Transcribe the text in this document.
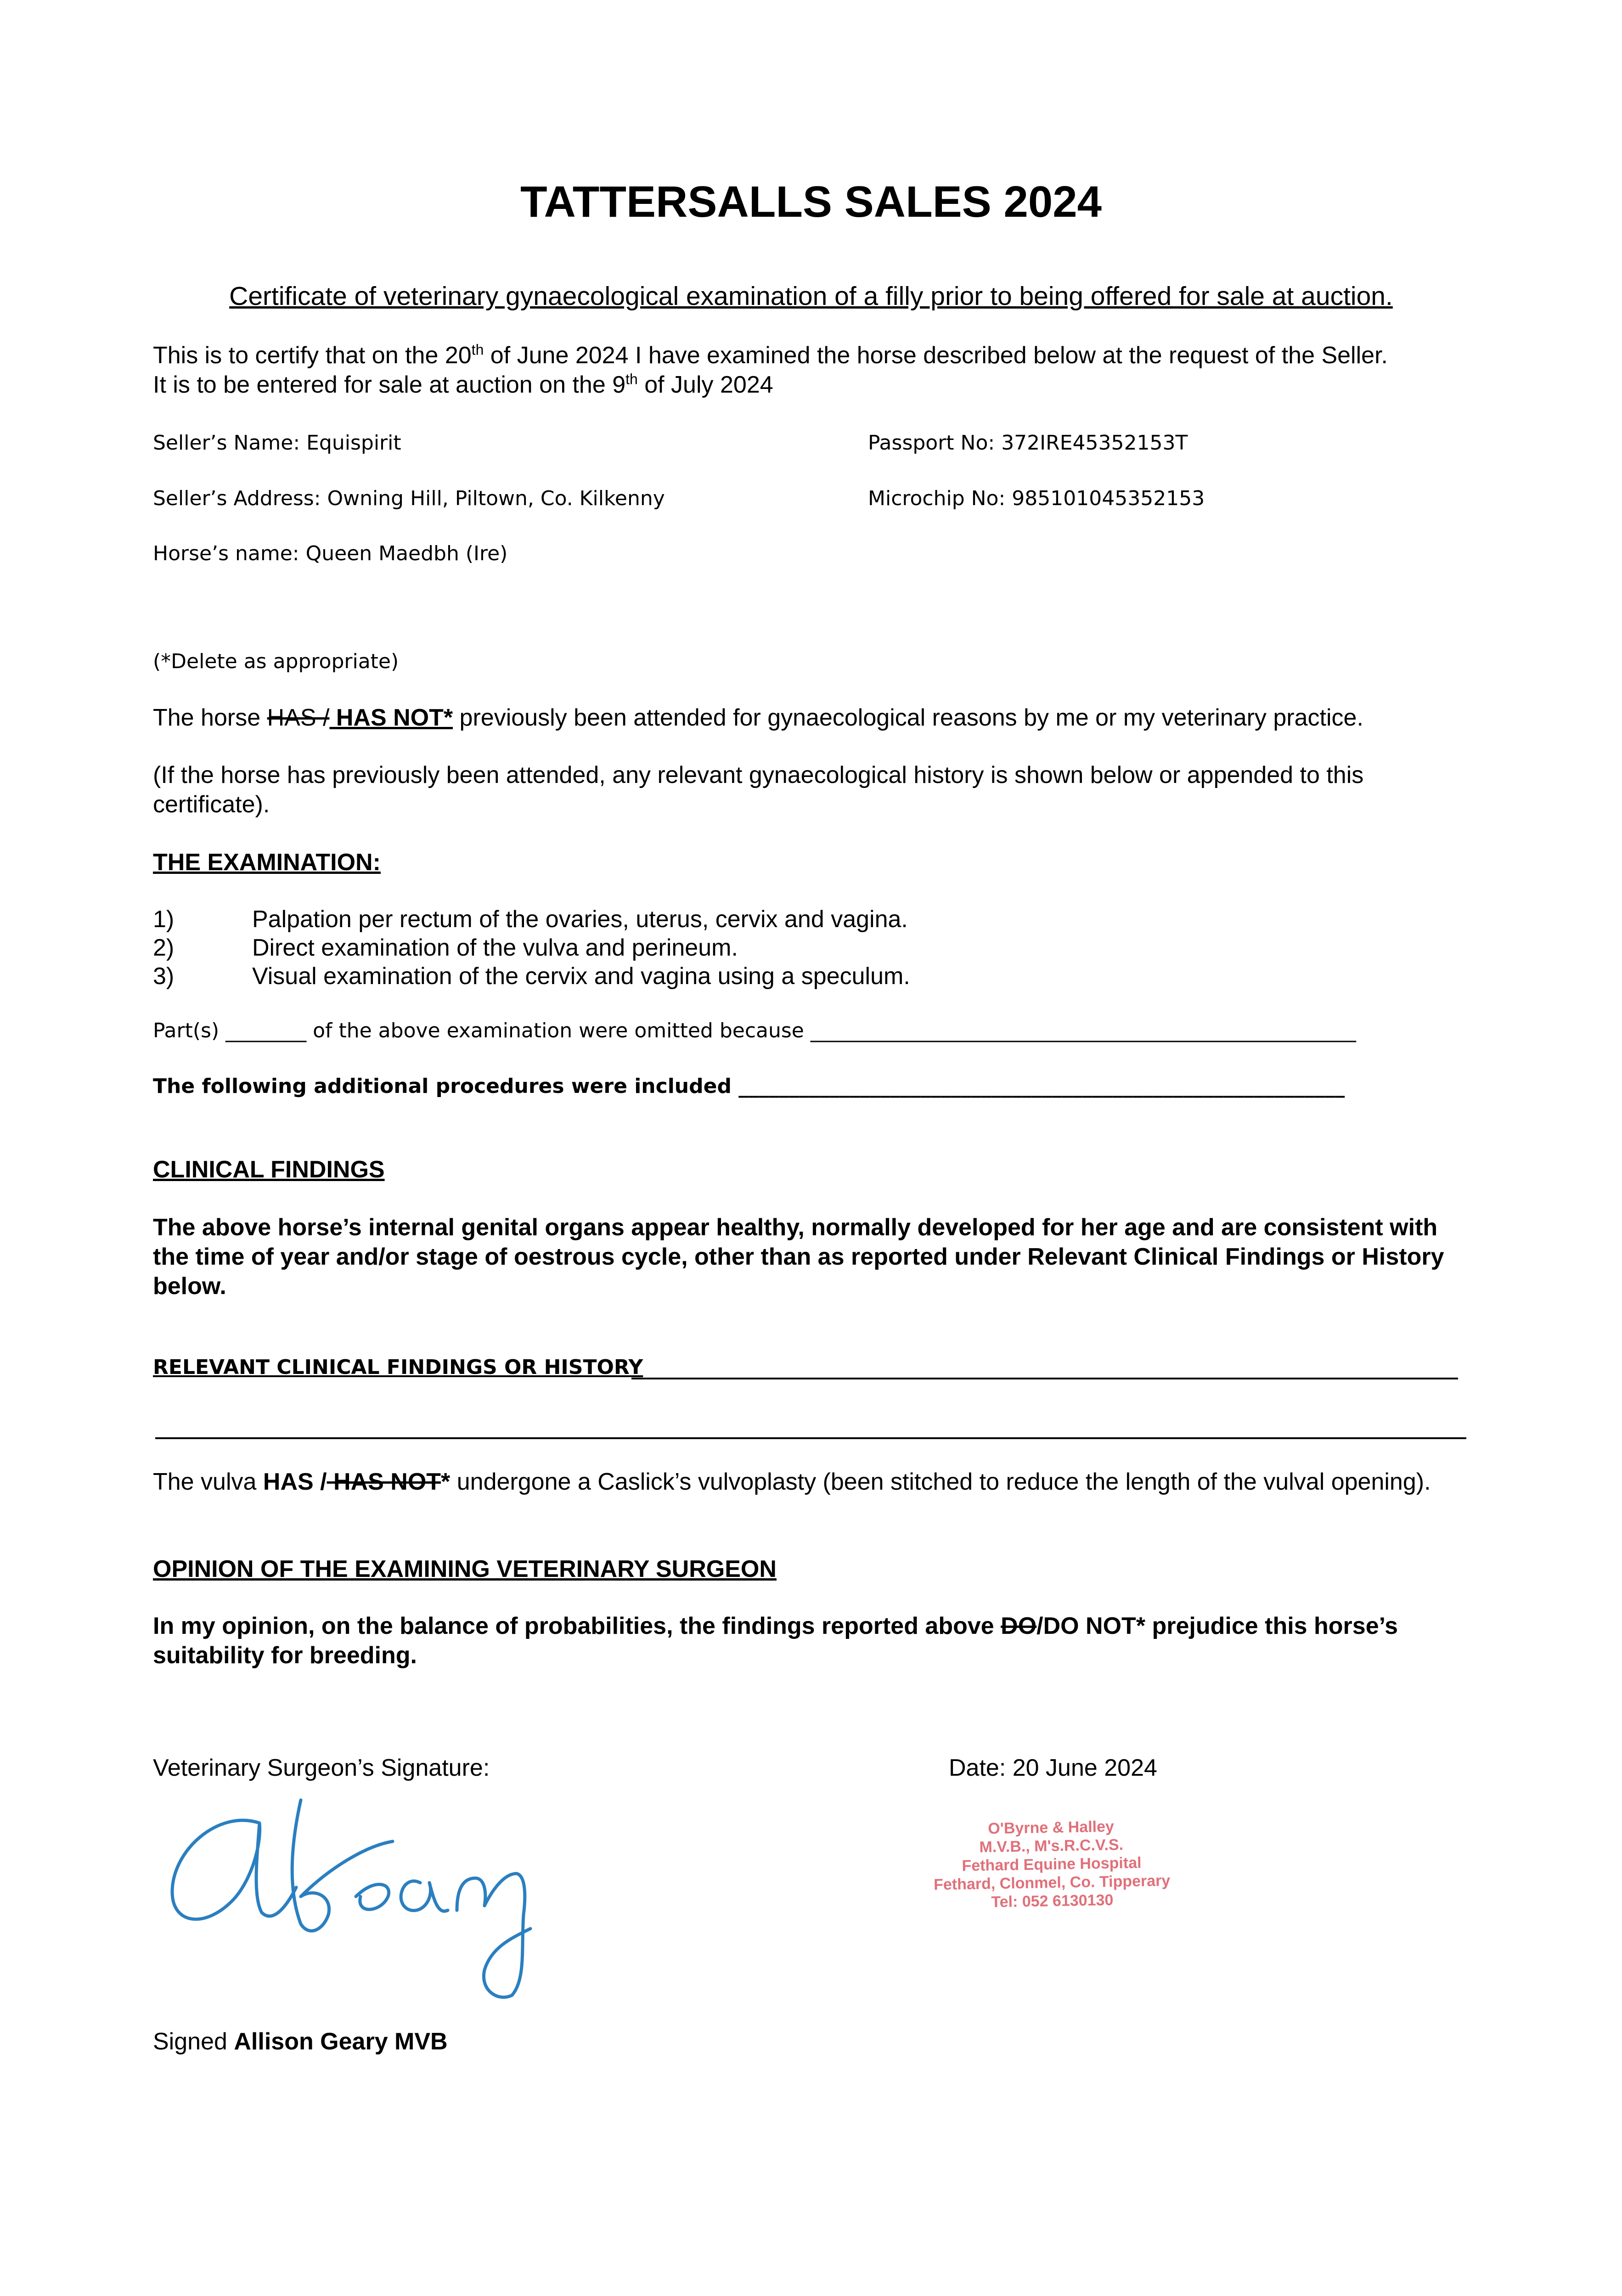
TATTERSALLS SALES 2024
Certificate of veterinary gynaecological examination of a filly prior to being offered for sale at auction.
This is to certify that on the 20th of June 2024 I have examined the horse described below at the request of the Seller.
It is to be entered for sale at auction on the 9th of July 2024
Seller’s Name: Equispirit	Passport No: 372IRE45352153T
Seller’s Address: Owning Hill, Piltown, Co. Kilkenny	Microchip No: 985101045352153
Horse’s name: Queen Maedbh (Ire)
(*Delete as appropriate)
The horse HAS / HAS NOT* previously been attended for gynaecological reasons by me or my veterinary practice.
(If the horse has previously been attended, any relevant gynaecological history is shown below or appended to this certificate).
THE EXAMINATION:
1)	Palpation per rectum of the ovaries, uterus, cervix and vagina.
2)	Direct examination of the vulva and perineum.
3)	Visual examination of the cervix and vagina using a speculum.
Part(s) ________ of the above examination were omitted because ______________________________________________________
The following additional procedures were included ____________________________________________________________
CLINICAL FINDINGS
The above horse’s internal genital organs appear healthy, normally developed for her age and are consistent with the time of year and/or stage of oestrous cycle, other than as reported under Relevant Clinical Findings or History below.
RELEVANT CLINICAL FINDINGS OR HISTORY
The vulva HAS / HAS NOT* undergone a Caslick’s vulvoplasty (been stitched to reduce the length of the vulval opening).
OPINION OF THE EXAMINING VETERINARY SURGEON
In my opinion, on the balance of probabilities, the findings reported above DO/DO NOT* prejudice this horse’s suitability for breeding.
Veterinary Surgeon’s Signature:	Date: 20 June 2024
O'Byrne & Halley
M.V.B., M's.R.C.V.S.
Fethard Equine Hospital
Fethard, Clonmel, Co. Tipperary
Tel: 052 6130130
Signed Allison Geary MVB
